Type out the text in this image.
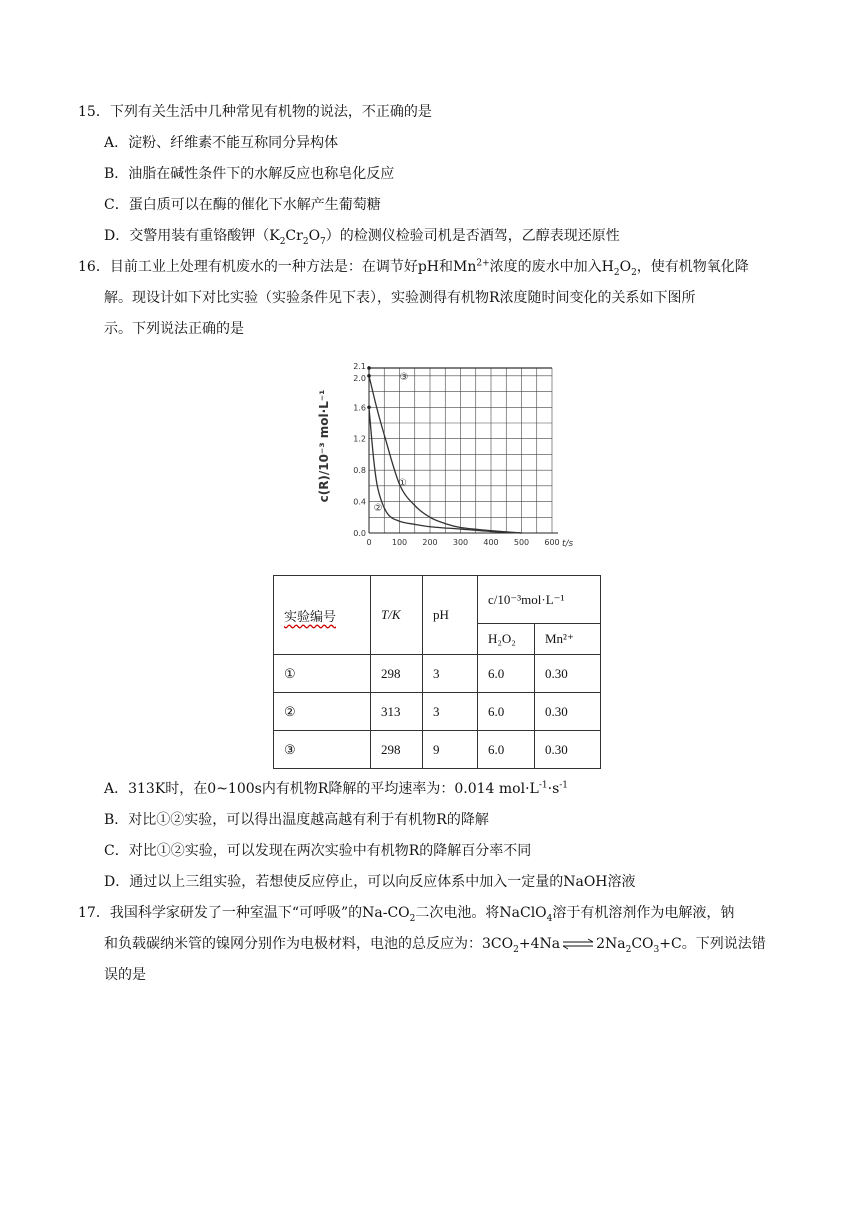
15．下列有关生活中几种常见有机物的说法，不正确的是
A．淀粉、纤维素不能互称同分异构体
B．油脂在碱性条件下的水解反应也称皂化反应
C．蛋白质可以在酶的催化下水解产生葡萄糖
D．交警用装有重铬酸钾$(K_2Cr_2O_7)$的检测仪检验司机是否酒驾，乙醇表现还原性
16．目前工业上处理有机废水的一种方法是：在调节好pH和$Mn^{2+}$浓度的废水中加入$H_2O_2$，使有机物氧化降
解。现设计如下对比实验（实验条件见下表），实验测得有机物R浓度随时间变化的关系如下图所
示。下列说法正确的是
①
②
③
0	100 200 300 400 500 600
0.0
0.4
0.8
1.2
1.6
2.0
2.1
c(R)/10⁻³ mol·L⁻¹
t/s
实验编号	T/K	pH	c/10⁻³mol·L⁻¹	
			H₂O₂	Mn²⁺
①	298	3	6.0	0.30
②	313	3	6.0	0.30
③	298	9	6.0	0.30
A．313K时，在0~100s内有机物R降解的平均速率为：0.014 $mol\cdot L^{-1}\cdot s^{-1}$
B．对比①②实验，可以得出温度越高越有利于有机物R的降解
C．对比①②实验，可以发现在两次实验中有机物R的降解百分率不同
D．通过以上三组实验，若想使反应停止，可以向反应体系中加入一定量的NaOH溶液
17．我国科学家研发了一种室温下“可呼吸”的$Na-CO_2$二次电池。将NaClO$_4$溶于有机溶剂作为电解液，钠
和负载碳纳米管的镍网分别作为电极材料，电池的总反应为：$3CO_2+4Na\rightleftharpoons 2Na_2CO_3+C$。下列说法错
误的是
